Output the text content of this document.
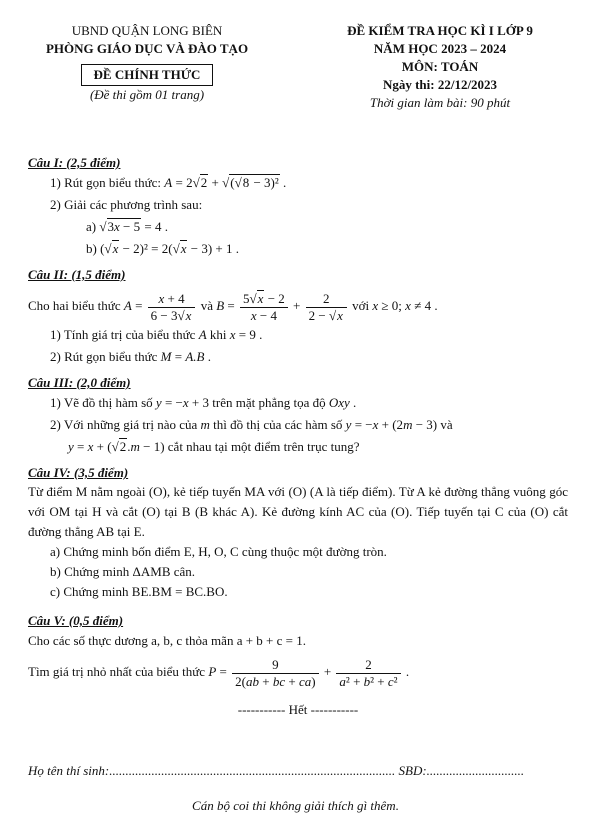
UBND QUẬN LONG BIÊN
PHÒNG GIÁO DỤC VÀ ĐÀO TẠO
ĐỀ CHÍNH THỨC
(Đề thi gồm 01 trang)
ĐỀ KIỂM TRA HỌC KÌ I LỚP 9
NĂM HỌC 2023 – 2024
MÔN: TOÁN
Ngày thi: 22/12/2023
Thời gian làm bài: 90 phút
Câu I: (2,5 điểm)
1) Rút gọn biểu thức: A = 2√2 + √(√8 − 3)² .
2) Giải các phương trình sau:
a) √3x − 5 = 4 .
b) (√x − 2)² = 2(√x − 3) + 1 .
Câu II: (1,5 điểm)
Cho hai biểu thức $A = \frac{x + 4}{6 - 3√x}$ và $B = \frac{5√x - 2}{x - 4} + \frac{2}{2 - √x}$ với x ≥ 0; x ≠ 4 .
1) Tính giá trị của biểu thức A khi x = 9 .
2) Rút gọn biểu thức M = A.B .
Câu III: (2,0 điểm)
1) Vẽ đồ thị hàm số y = −x + 3 trên mặt phẳng tọa độ Oxy .
2) Với những giá trị nào của m thì đồ thị của các hàm số y = −x + (2m − 3) và
y = x + (√2.m − 1) cắt nhau tại một điểm trên trục tung?
Câu IV: (3,5 điểm)
Từ điểm M nằm ngoài (O), kẻ tiếp tuyến MA với (O) (A là tiếp điểm). Từ A kẻ đường thẳng vuông góc với OM tại H và cắt (O) tại B (B khác A). Kẻ đường kính AC của (O). Tiếp tuyến tại C của (O) cắt đường thẳng AB tại E.
a) Chứng minh bốn điểm E, H, O, C cùng thuộc một đường tròn.
b) Chứng minh ΔAMB cân.
c) Chứng minh BE.BM = BC.BO.
Câu V: (0,5 điểm)
Cho các số thực dương a, b, c thỏa mãn a + b + c = 1.
Tìm giá trị nhỏ nhất của biểu thức $P = \frac{9}{2(ab + bc + ca)} + \frac{2}{\text{a² + b² + c²}}$ .
----------- Hết -----------
Họ tên thí sinh:........................................................................................ SBD:..............................
Cán bộ coi thi không giải thích gì thêm.
